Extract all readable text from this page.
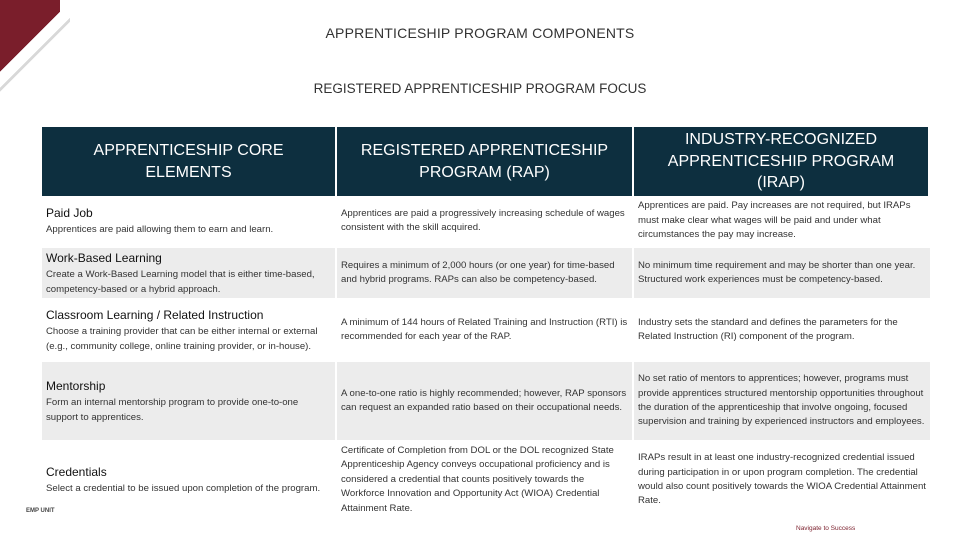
APPRENTICESHIP PROGRAM COMPONENTS
REGISTERED APPRENTICESHIP PROGRAM FOCUS
APPRENTICESHIP CORE ELEMENTS
REGISTERED APPRENTICESHIP PROGRAM (RAP)
INDUSTRY-RECOGNIZED APPRENTICESHIP PROGRAM (IRAP)
Paid Job
Apprentices are paid allowing them to earn and learn.
Apprentices are paid a progressively increasing schedule of wages consistent with the skill acquired.
Apprentices are paid. Pay increases are not required, but IRAPs must make clear what wages will be paid and under what circumstances the pay may increase.
Work-Based Learning
Create a Work-Based Learning model that is either time-based, competency-based or a hybrid approach.
Requires a minimum of 2,000 hours (or one year) for time-based and hybrid programs. RAPs can also be competency-based.
No minimum time requirement and may be shorter than one year. Structured work experiences must be competency-based.
Classroom Learning / Related Instruction
Choose a training provider that can be either internal or external (e.g., community college, online training provider, or in-house).
A minimum of 144 hours of Related Training and Instruction (RTI) is recommended for each year of the RAP.
Industry sets the standard and defines the parameters for the Related Instruction (RI) component of the program.
Mentorship
Form an internal mentorship program to provide one-to-one support to apprentices.
A one-to-one ratio is highly recommended; however, RAP sponsors can request an expanded ratio based on their occupational needs.
No set ratio of mentors to apprentices; however, programs must provide apprentices structured mentorship opportunities throughout the duration of the apprenticeship that involve ongoing, focused supervision and training by experienced instructors and employees.
Credentials
Select a credential to be issued upon completion of the program.
Certificate of Completion from DOL or the DOL recognized State Apprenticeship Agency conveys occupational proficiency and is considered a credential that counts positively towards the Workforce Innovation and Opportunity Act (WIOA) Credential Attainment Rate.
IRAPs result in at least one industry-recognized credential issued during participation in or upon program completion. The credential would also count positively towards the WIOA Credential Attainment Rate.
EMP UNIT
Navigate to Success
